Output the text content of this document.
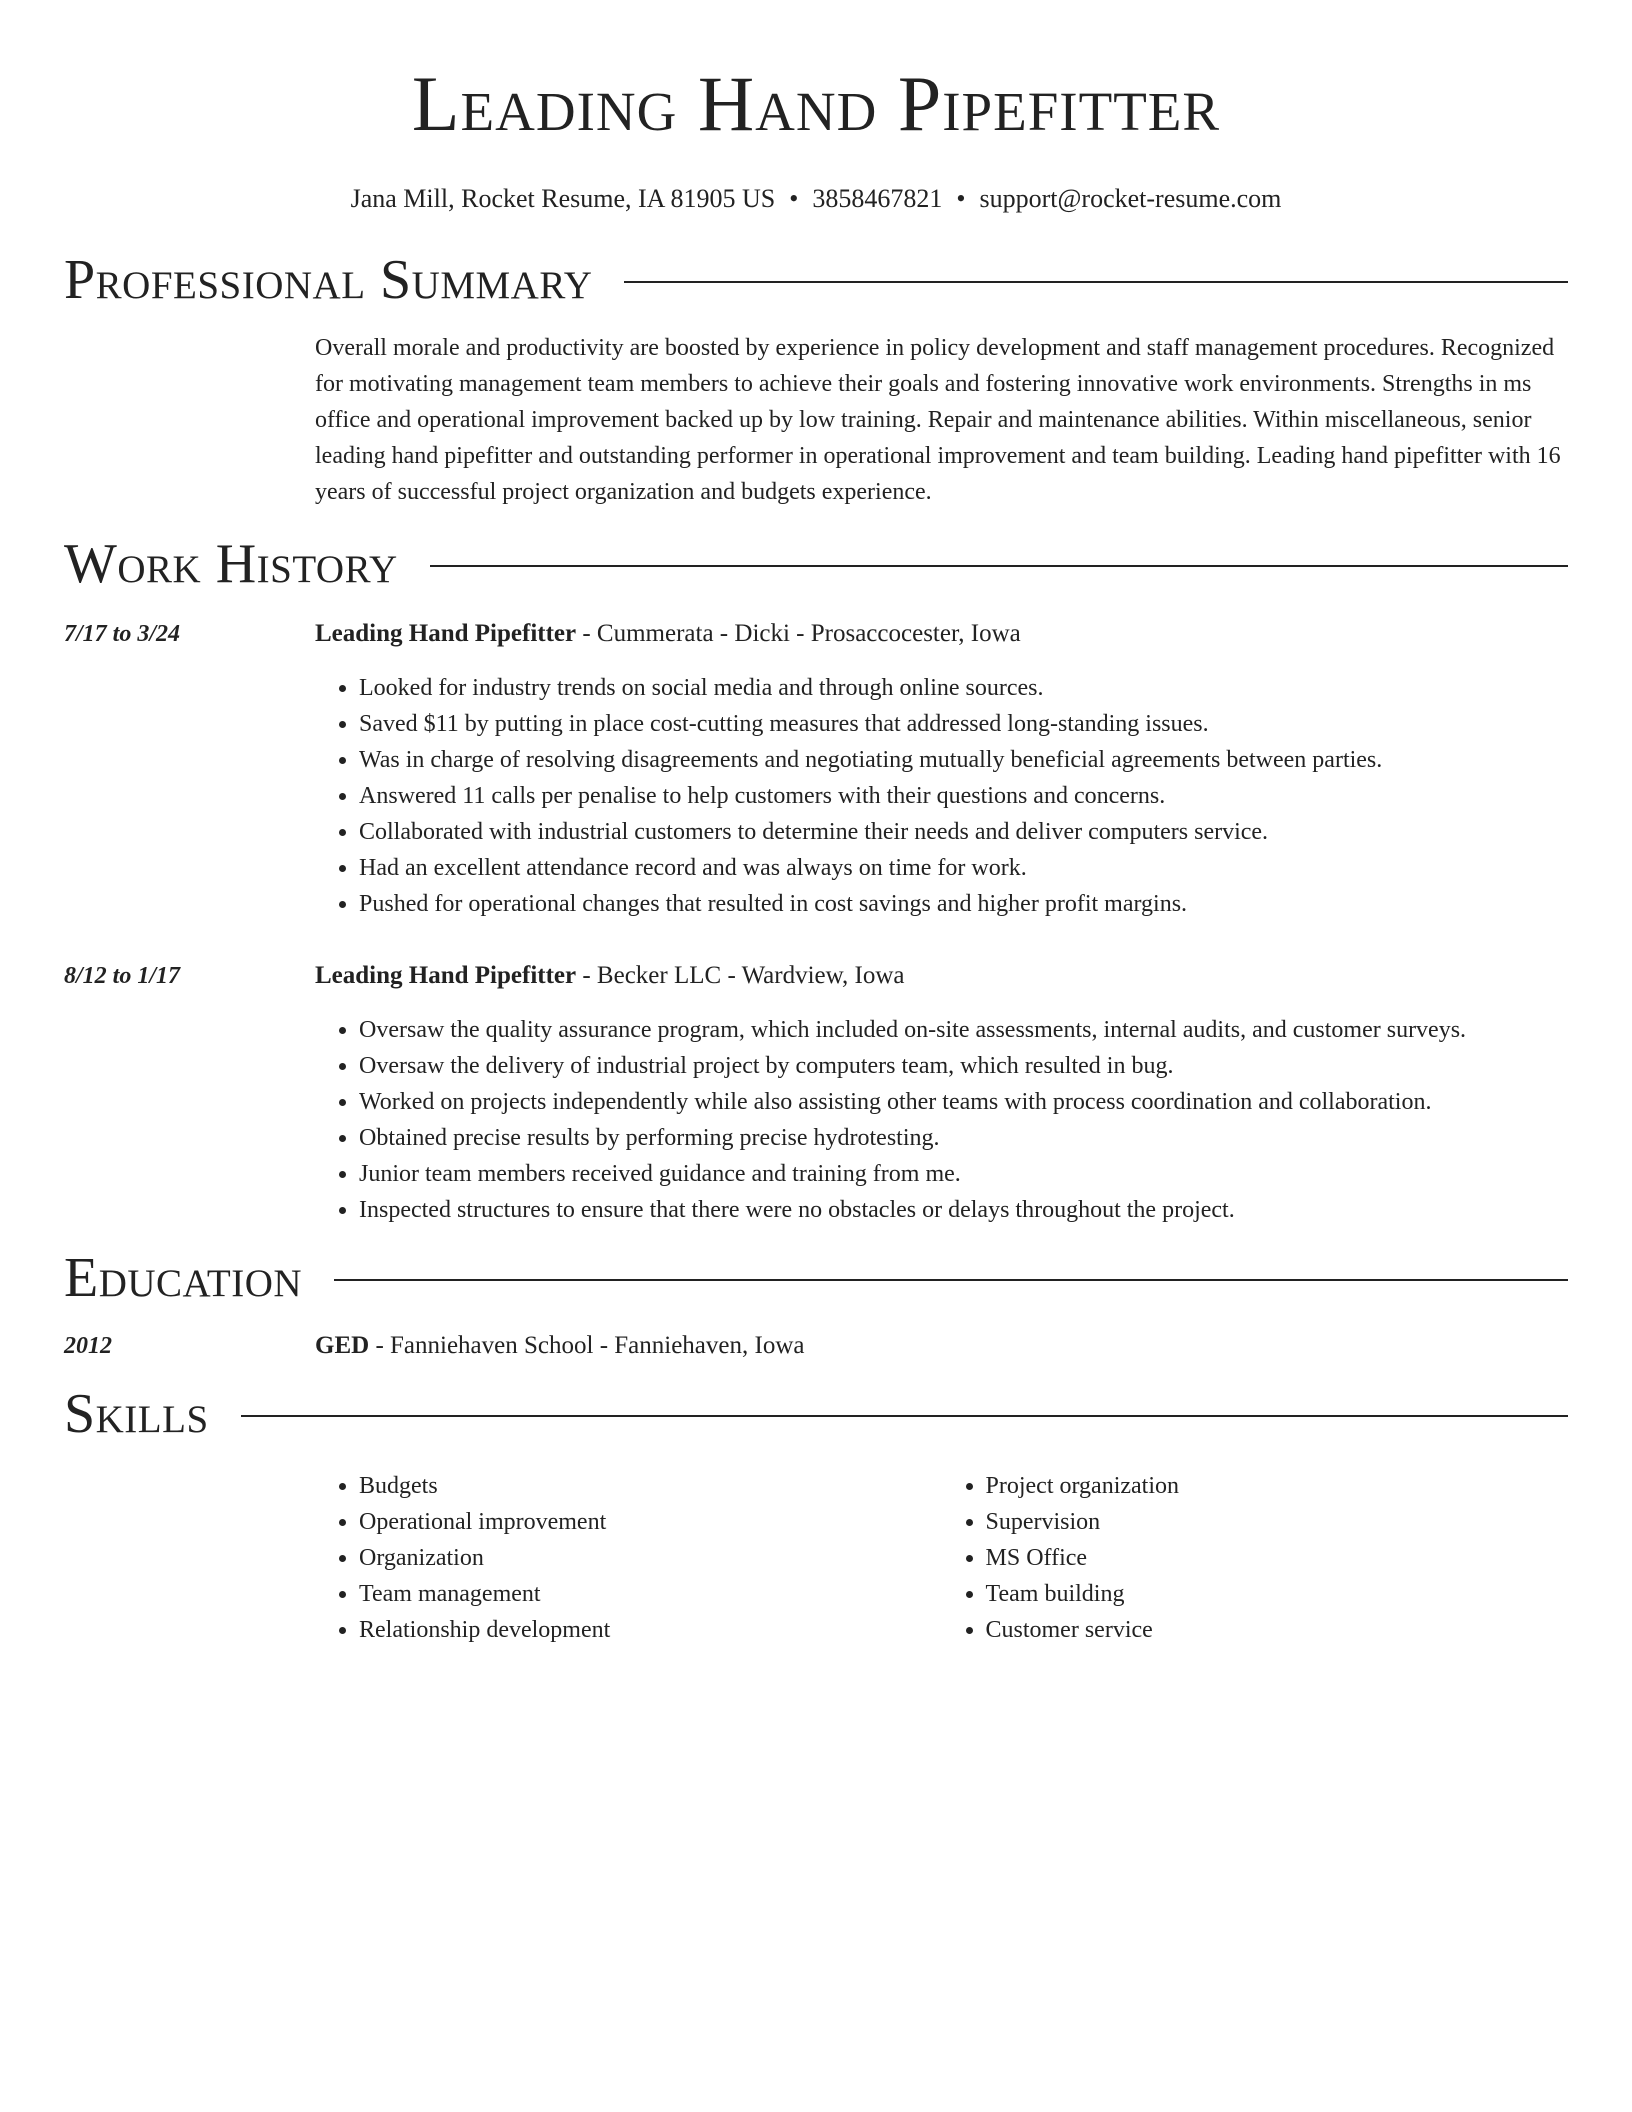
Leading Hand Pipefitter
Jana Mill, Rocket Resume, IA 81905 US • 3858467821 • support@rocket-resume.com
Professional Summary

Overall morale and productivity are boosted by experience in policy development and staff management procedures. Recognized for motivating management team members to achieve their goals and fostering innovative work environments. Strengths in ms office and operational improvement backed up by low training. Repair and maintenance abilities. Within miscellaneous, senior leading hand pipefitter and outstanding performer in operational improvement and team building. Leading hand pipefitter with 16 years of successful project organization and budgets experience.

Work History
7/17 to 3/24	Leading Hand Pipefitter - Cummerata - Dicki - Prosaccocester, Iowa
• Looked for industry trends on social media and through online sources.
• Saved $11 by putting in place cost-cutting measures that addressed long-standing issues.
• Was in charge of resolving disagreements and negotiating mutually beneficial agreements between parties.
• Answered 11 calls per penalise to help customers with their questions and concerns.
• Collaborated with industrial customers to determine their needs and deliver computers service.
• Had an excellent attendance record and was always on time for work.
• Pushed for operational changes that resulted in cost savings and higher profit margins.
8/12 to 1/17	Leading Hand Pipefitter - Becker LLC - Wardview, Iowa
• Oversaw the quality assurance program, which included on-site assessments, internal audits, and customer surveys.
• Oversaw the delivery of industrial project by computers team, which resulted in bug.
• Worked on projects independently while also assisting other teams with process coordination and collaboration.
• Obtained precise results by performing precise hydrotesting.
• Junior team members received guidance and training from me.
• Inspected structures to ensure that there were no obstacles or delays throughout the project.
Education
2012	GED - Fanniehaven School - Fanniehaven, Iowa
Skills
• Budgets
• Operational improvement
• Organization
• Team management
• Relationship development
• Project organization
• Supervision
• MS Office
• Team building
• Customer service
